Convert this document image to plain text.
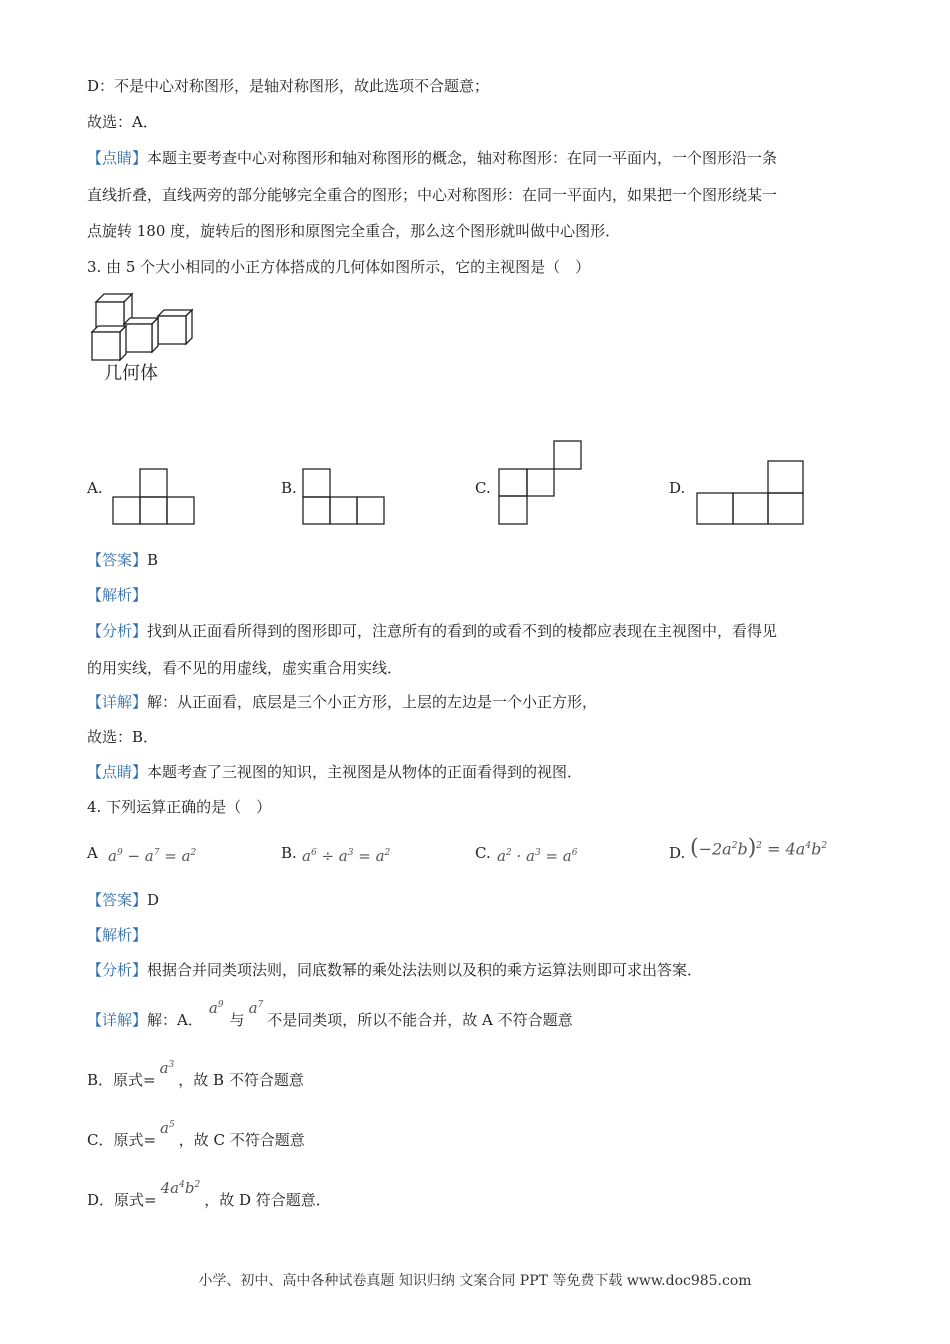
D：不是中心对称图形，是轴对称图形，故此选项不合题意；
故选：A．
【点睛】本题主要考查中心对称图形和轴对称图形的概念，轴对称图形：在同一平面内，一个图形沿一条
直线折叠，直线两旁的部分能够完全重合的图形；中心对称图形：在同一平面内，如果把一个图形绕某一
点旋转 180 度，旋转后的图形和原图完全重合，那么这个图形就叫做中心图形．
3. 由 5 个大小相同的小正方体搭成的几何体如图所示，它的主视图是（　）
几何体
A.	B.	C.	D.
【答案】B
【解析】
【分析】找到从正面看所得到的图形即可，注意所有的看到的或看不到的棱都应表现在主视图中，看得见
的用实线，看不见的用虚线，虚实重合用实线．
【详解】解：从正面看，底层是三个小正方形，上层的左边是一个小正方形，
故选：B．
【点睛】本题考查了三视图的知识，主视图是从物体的正面看得到的视图．
4. 下列运算正确的是（　）
A $a^9 - a^7 = a^2$	B. $a^6 \div a^3 = a^2$	C. $a^2 \cdot a^3 = a^6$	D. $(-2a^2b)^2 = 4a^4b^2$
【答案】D
【解析】
【分析】根据合并同类项法则，同底数幂的乘处法法则以及积的乘方运算法则即可求出答案．
【详解】解：A．$a^9$与$a^7$不是同类项，所以不能合并，故 A 不符合题意
B．原式$=a^3$，故 B 不符合题意
C．原式$=a^5$，故 C 不符合题意
D．原式$=4a^4b^2$，故 D 符合题意．
小学、初中、高中各种试卷真题 知识归纳 文案合同 PPT 等免费下载 www.doc985.com
